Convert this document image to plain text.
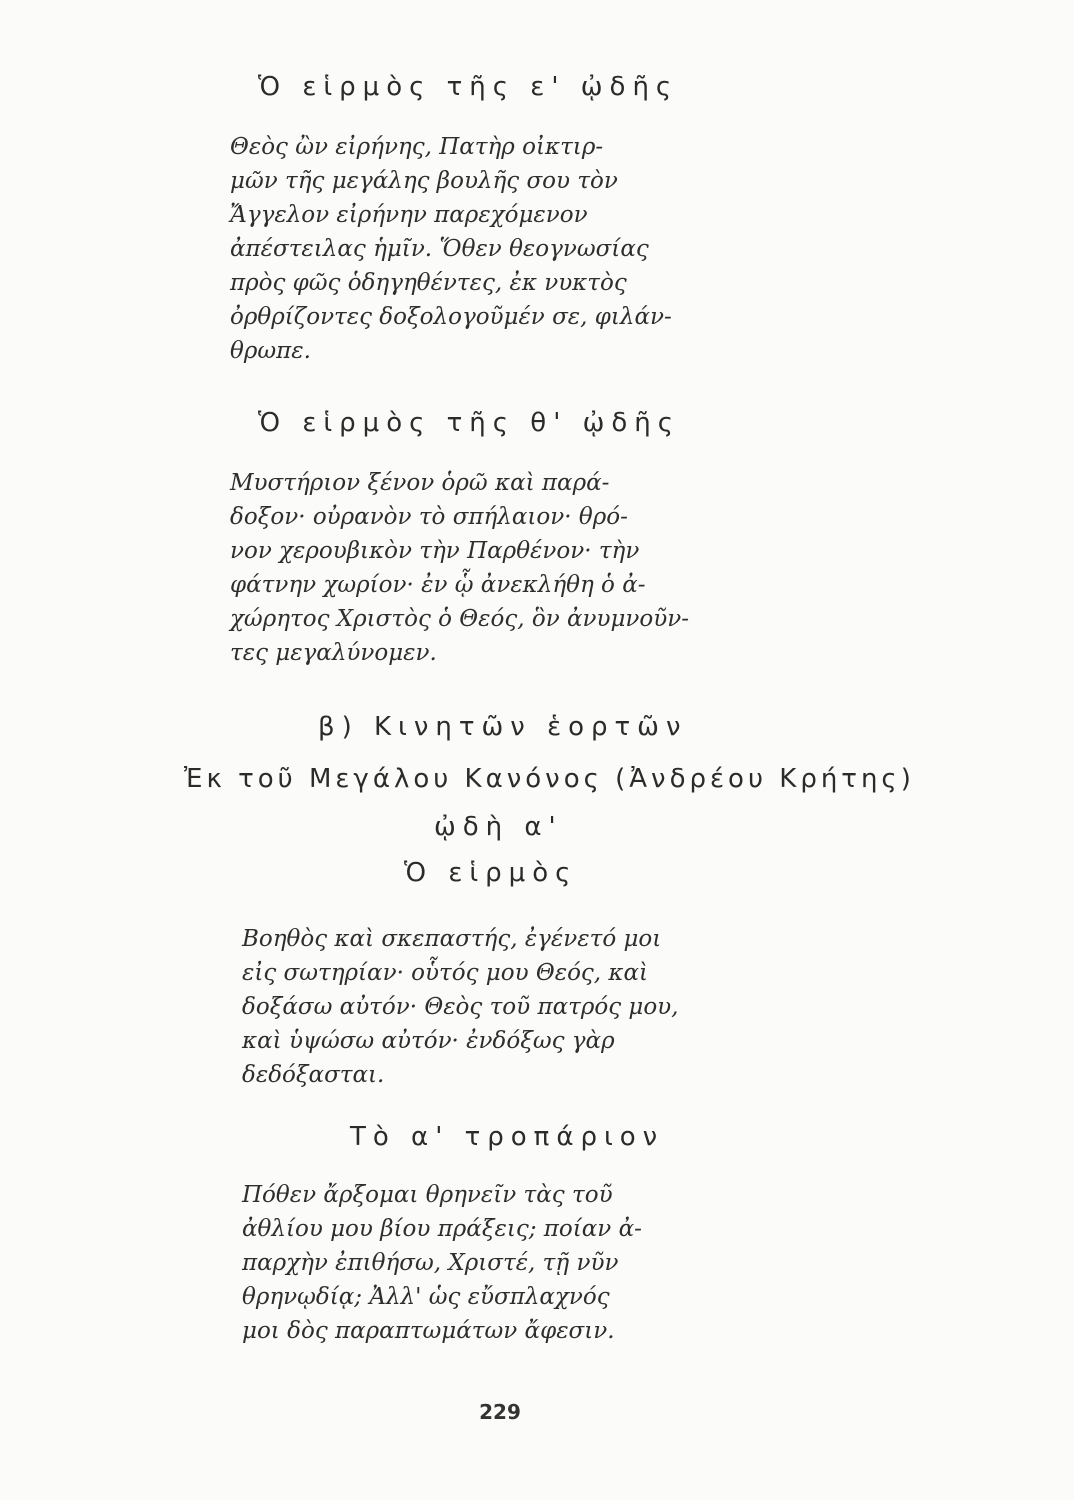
Ὁ εἱρμὸς τῆς ε' ᾠδῆς
Θεὸς ὢν εἰρήνης, Πατὴρ οἰκτιρ-
μῶν τῆς μεγάλης βουλῆς σου τὸν
Ἄγγελον εἰρήνην παρεχόμενον
ἀπέστειλας ἡμῖν. Ὅθεν θεογνωσίας
πρὸς φῶς ὁδηγηθέντες, ἐκ νυκτὸς
ὀρθρίζοντες δοξολογοῦμέν σε, φιλάν-
θρωπε.
Ὁ εἱρμὸς τῆς θ' ᾠδῆς
Μυστήριον ξένον ὁρῶ καὶ παρά-
δοξον· οὐρανὸν τὸ σπήλαιον· θρό-
νον χερουβικὸν τὴν Παρθένον· τὴν
φάτνην χωρίον· ἐν ᾧ ἀνεκλήθη ὁ ἀ-
χώρητος Χριστὸς ὁ Θεός, ὃν ἀνυμνοῦν-
τες μεγαλύνομεν.
β) Κινητῶν ἑορτῶν
Ἐκ τοῦ Μεγάλου Κανόνος (Ἀνδρέου Κρήτης)
ᾠδὴ α'
Ὁ εἱρμὸς
Βοηθὸς καὶ σκεπαστής, ἐγένετό μοι
εἰς σωτηρίαν· οὗτός μου Θεός, καὶ
δοξάσω αὐτόν· Θεὸς τοῦ πατρός μου,
καὶ ὑψώσω αὐτόν· ἐνδόξως γὰρ
δεδόξασται.
Τὸ α' τροπάριον
Πόθεν ἄρξομαι θρηνεῖν τὰς τοῦ
ἀθλίου μου βίου πράξεις; ποίαν ἀ-
παρχὴν ἐπιθήσω, Χριστέ, τῇ νῦν
θρηνῳδίᾳ; Ἀλλ' ὡς εὔσπλαχνός
μοι δὸς παραπτωμάτων ἄφεσιν.

229
